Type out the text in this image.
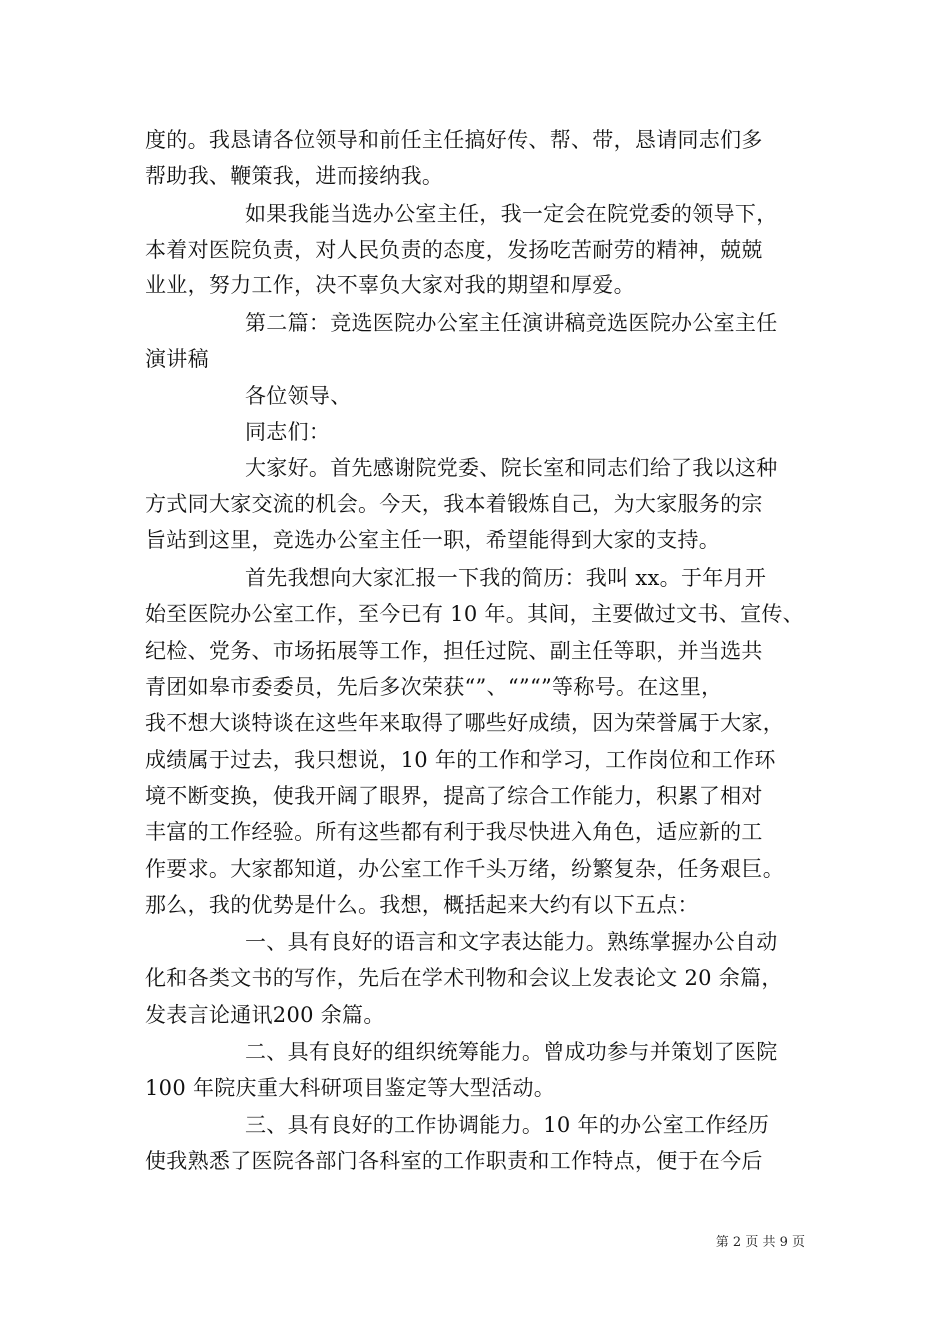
度的。我恳请各位领导和前任主任搞好传、帮、带，恳请同志们多
帮助我、鞭策我，进而接纳我。
如果我能当选办公室主任，我一定会在院党委的领导下，
本着对医院负责，对人民负责的态度，发扬吃苦耐劳的精神，兢兢
业业，努力工作，决不辜负大家对我的期望和厚爱。
第二篇：竞选医院办公室主任演讲稿竞选医院办公室主任
演讲稿
各位领导、
同志们：
大家好。首先感谢院党委、院长室和同志们给了我以这种
方式同大家交流的机会。今天，我本着锻炼自己，为大家服务的宗
旨站到这里，竞选办公室主任一职，希望能得到大家的支持。
首先我想向大家汇报一下我的简历：我叫 xx。于年月开
始至医院办公室工作，至今已有 10 年。其间，主要做过文书、宣传、
纪检、党务、市场拓展等工作，担任过院、副主任等职，并当选共
青团如皋市委委员，先后多次荣获“”、“”“”等称号。在这里，
我不想大谈特谈在这些年来取得了哪些好成绩，因为荣誉属于大家，
成绩属于过去，我只想说，10 年的工作和学习，工作岗位和工作环
境不断变换，使我开阔了眼界，提高了综合工作能力，积累了相对
丰富的工作经验。所有这些都有利于我尽快进入角色，适应新的工
作要求。大家都知道，办公室工作千头万绪，纷繁复杂，任务艰巨。
那么，我的优势是什么。我想，概括起来大约有以下五点：
一、具有良好的语言和文字表达能力。熟练掌握办公自动
化和各类文书的写作，先后在学术刊物和会议上发表论文 20 余篇，
发表言论通讯200 余篇。
二、具有良好的组织统筹能力。曾成功参与并策划了医院
100 年院庆重大科研项目鉴定等大型活动。
三、具有良好的工作协调能力。10 年的办公室工作经历
使我熟悉了医院各部门各科室的工作职责和工作特点，便于在今后
第 2 页 共 9 页
